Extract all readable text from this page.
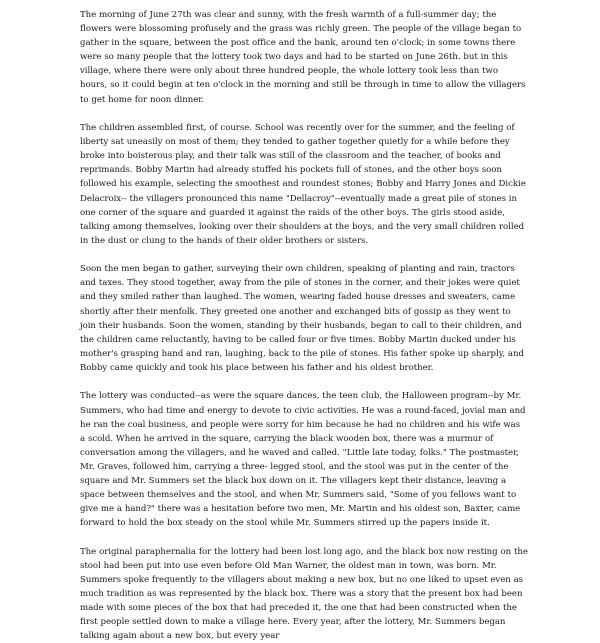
The morning of June 27th was clear and sunny, with the fresh warmth of a full-summer day; the flowers were blossoming profusely and the grass was richly green. The people of the village began to gather in the square, between the post office and the bank, around ten o'clock; in some towns there were so many people that the lottery took two days and had to be started on June 26th. but in this village, where there were only about three hundred people, the whole lottery took less than two hours, so it could begin at ten o'clock in the morning and still be through in time to allow the villagers to get home for noon dinner.

The children assembled first, of course. School was recently over for the summer, and the feeling of liberty sat uneasily on most of them; they tended to gather together quietly for a while before they broke into boisterous play, and their talk was still of the classroom and the teacher, of books and reprimands. Bobby Martin had already stuffed his pockets full of stones, and the other boys soon followed his example, selecting the smoothest and roundest stones; Bobby and Harry Jones and Dickie Delacroix-- the villagers pronounced this name "Dellacroy"--eventually made a great pile of stones in one corner of the square and guarded it against the raids of the other boys. The girls stood aside, talking among themselves, looking over their shoulders at the boys, and the very small children rolled in the dust or clung to the hands of their older brothers or sisters.

Soon the men began to gather, surveying their own children, speaking of planting and rain, tractors and taxes. They stood together, away from the pile of stones in the corner, and their jokes were quiet and they smiled rather than laughed. The women, wearing faded house dresses and sweaters, came shortly after their menfolk. They greeted one another and exchanged bits of gossip as they went to join their husbands. Soon the women, standing by their husbands, began to call to their children, and the children came reluctantly, having to be called four or five times. Bobby Martin ducked under his mother's grasping hand and ran, laughing, back to the pile of stones. His father spoke up sharply, and Bobby came quickly and took his place between his father and his oldest brother.

The lottery was conducted--as were the square dances, the teen club, the Halloween program--by Mr. Summers, who had time and energy to devote to civic activities. He was a round-faced, jovial man and he ran the coal business, and people were sorry for him because he had no children and his wife was a scold. When he arrived in the square, carrying the black wooden box, there was a murmur of conversation among the villagers, and he waved and called. "Little late today, folks." The postmaster, Mr. Graves, followed him, carrying a three- legged stool, and the stool was put in the center of the square and Mr. Summers set the black box down on it. The villagers kept their distance, leaving a space between themselves and the stool, and when Mr. Summers said, "Some of you fellows want to give me a hand?" there was a hesitation before two men, Mr. Martin and his oldest son, Baxter, came forward to hold the box steady on the stool while Mr. Summers stirred up the papers inside it.

The original paraphernalia for the lottery had been lost long ago, and the black box now resting on the stool had been put into use even before Old Man Warner, the oldest man in town, was born. Mr. Summers spoke frequently to the villagers about making a new box, but no one liked to upset even as much tradition as was represented by the black box. There was a story that the present box had been made with some pieces of the box that had preceded it, the one that had been constructed when the first people settled down to make a village here. Every year, after the lottery, Mr. Summers began talking again about a new box, but every year
